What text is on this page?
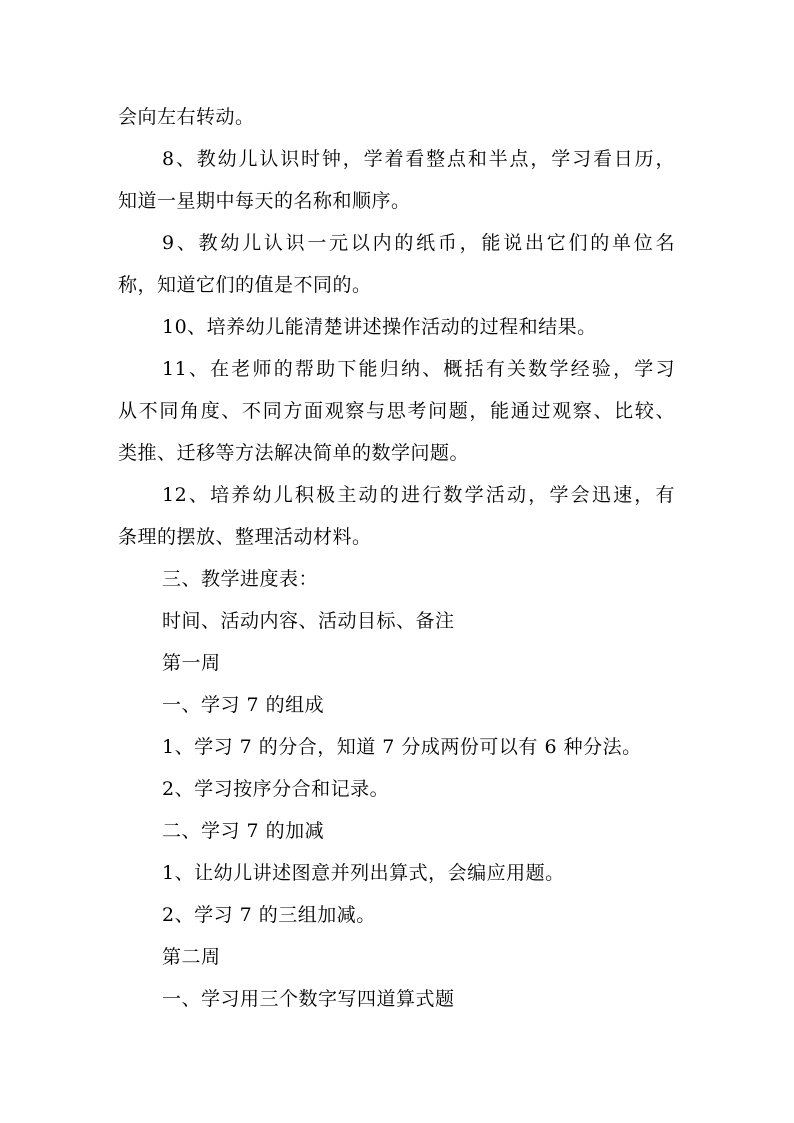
会向左右转动。
8、教幼儿认识时钟，学着看整点和半点，学习看日历，
知道一星期中每天的名称和顺序。
9、教幼儿认识一元以内的纸币，能说出它们的单位名
称，知道它们的值是不同的。
10、培养幼儿能清楚讲述操作活动的过程和结果。
11、在老师的帮助下能归纳、概括有关数学经验，学习
从不同角度、不同方面观察与思考问题，能通过观察、比较、
类推、迁移等方法解决简单的数学问题。
12、培养幼儿积极主动的进行数学活动，学会迅速，有
条理的摆放、整理活动材料。
三、教学进度表：
时间、活动内容、活动目标、备注
第一周
一、学习 7 的组成
1、学习 7 的分合，知道 7 分成两份可以有 6 种分法。
2、学习按序分合和记录。
二、学习 7 的加减
1、让幼儿讲述图意并列出算式，会编应用题。
2、学习 7 的三组加减。
第二周
一、学习用三个数字写四道算式题
